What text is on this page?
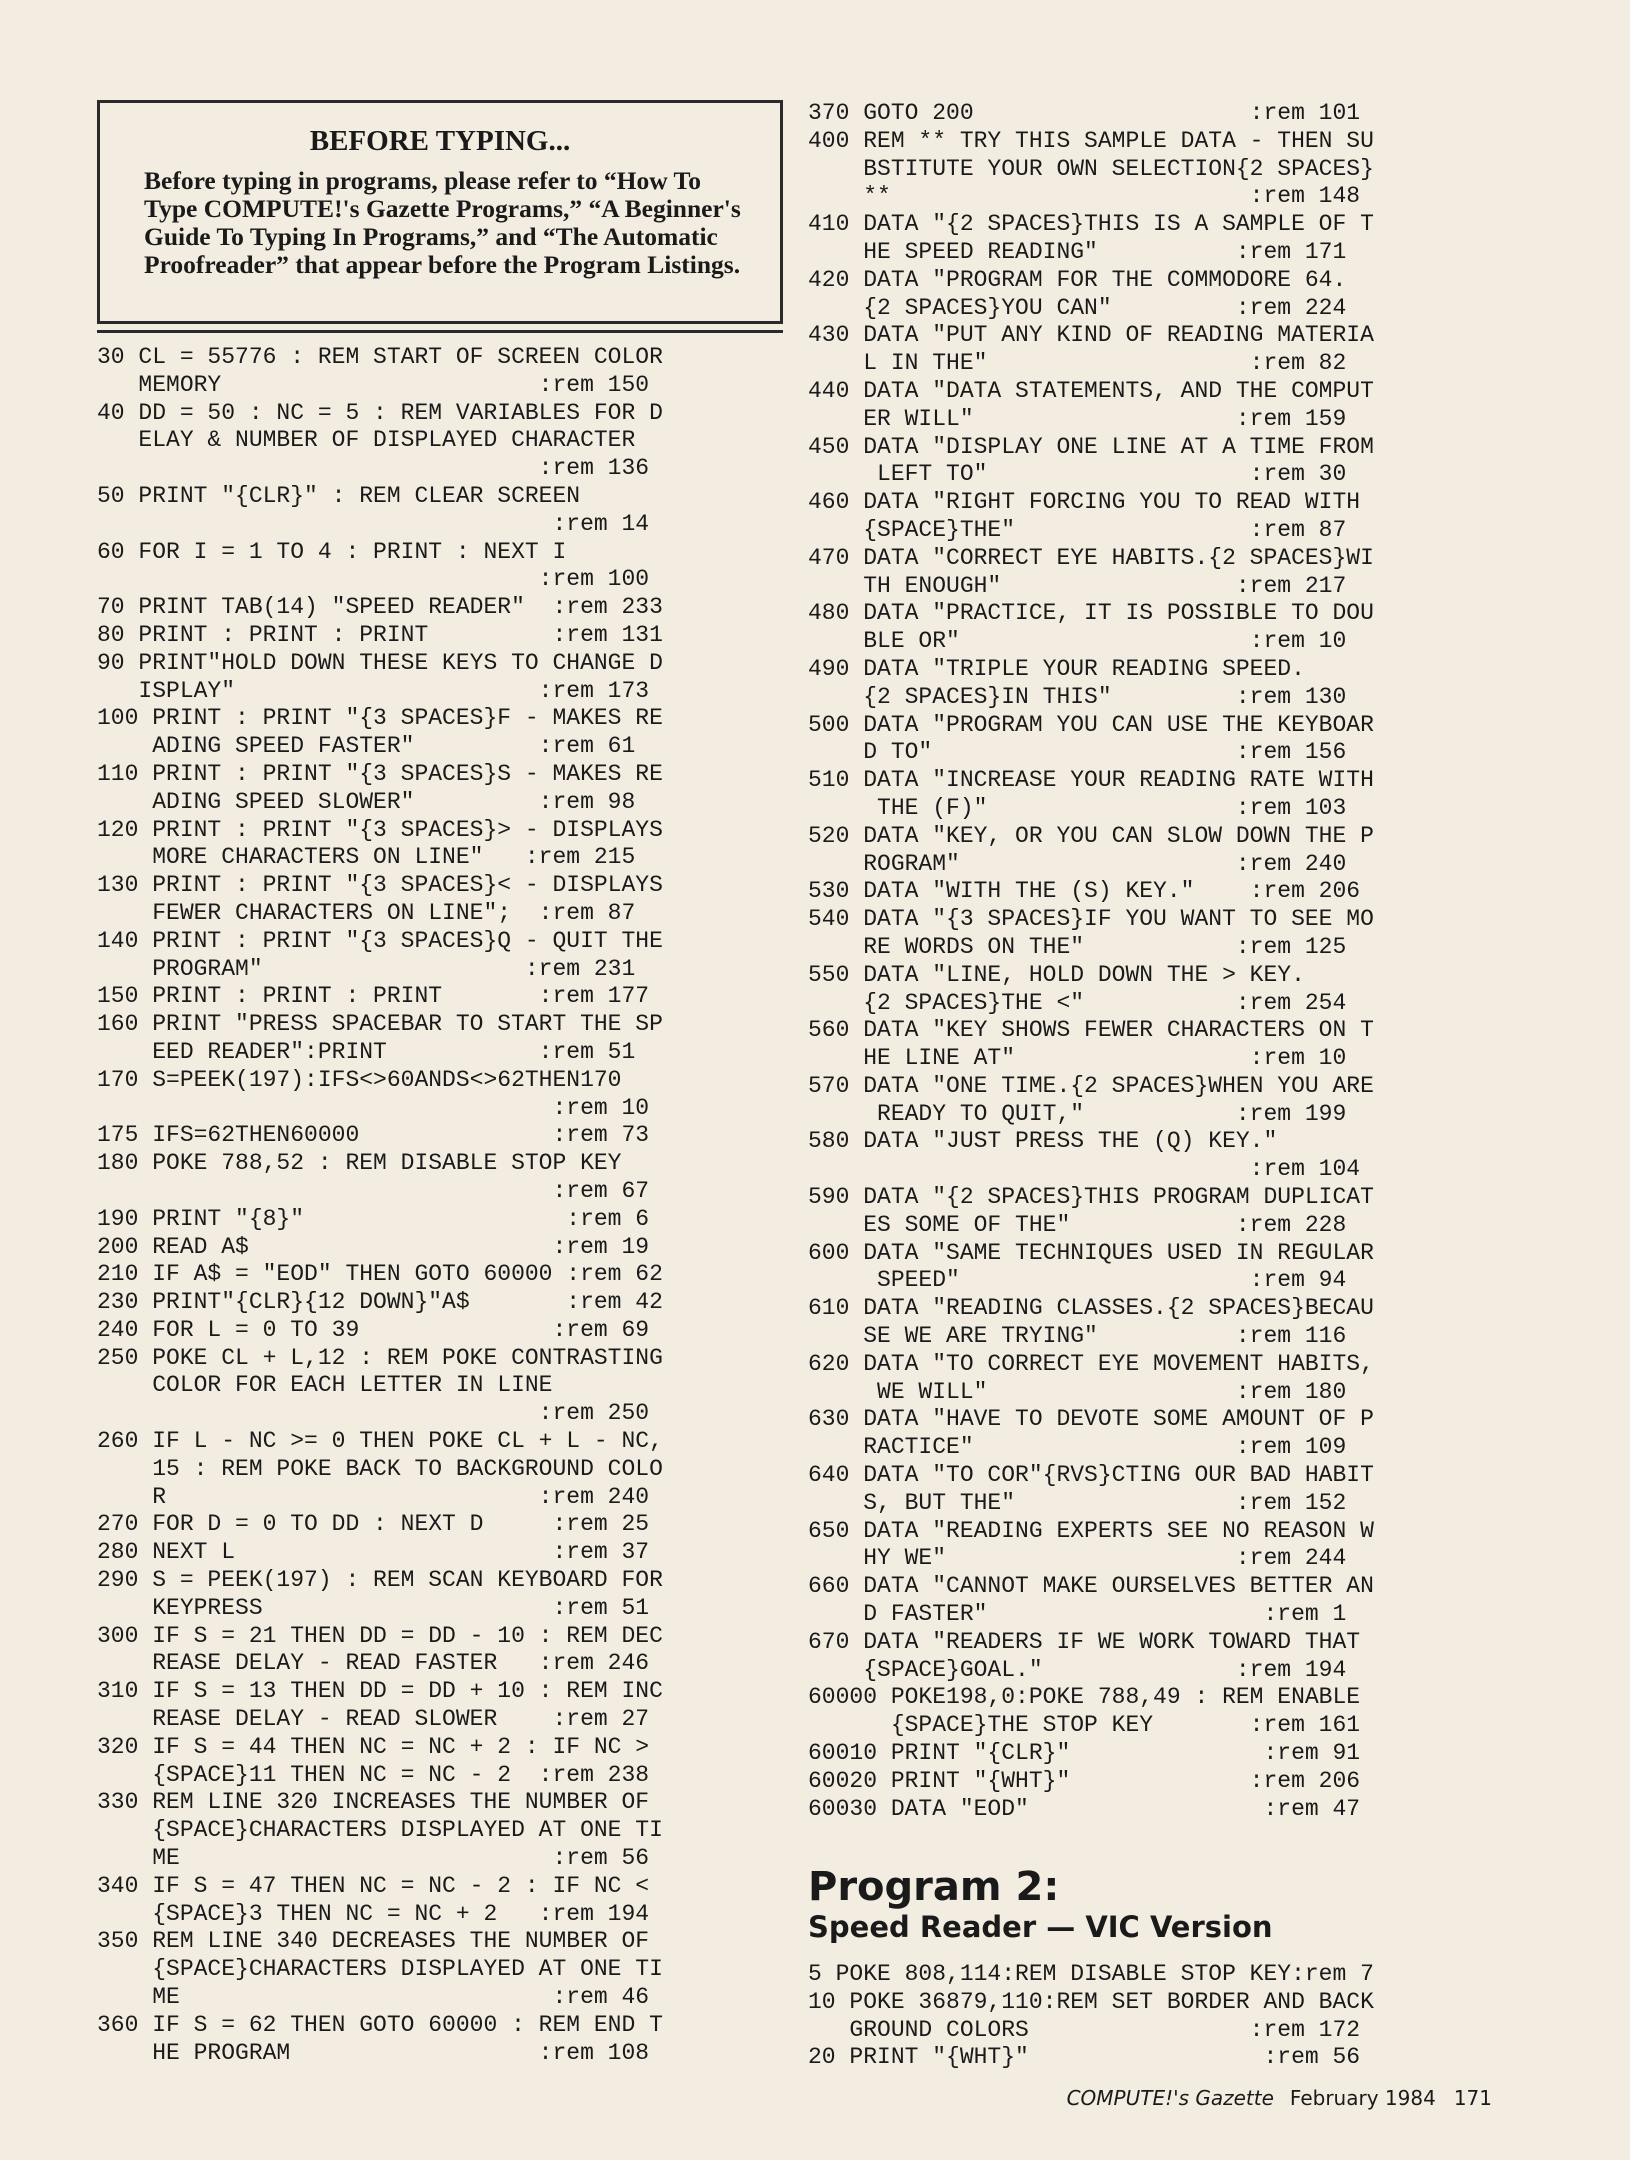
BEFORE TYPING...
Before typing in programs, please refer to “How To Type COMPUTE!'s Gazette Programs,” “A Beginner's Guide To Typing In Programs,” and “The Automatic Proofreader” that appear before the Program Listings.
30 CL = 55776 : REM START OF SCREEN COLOR
MEMORY                       :rem 150
40 DD = 50 : NC = 5 : REM VARIABLES FOR D
ELAY & NUMBER OF DISPLAYED CHARACTER
:rem 136
50 PRINT "{CLR}" : REM CLEAR SCREEN
:rem 14
60 FOR I = 1 TO 4 : PRINT : NEXT I
:rem 100
70 PRINT TAB(14) "SPEED READER"  :rem 233
80 PRINT : PRINT : PRINT         :rem 131
90 PRINT"HOLD DOWN THESE KEYS TO CHANGE D
ISPLAY"                      :rem 173
100 PRINT : PRINT "{3 SPACES}F - MAKES RE
ADING SPEED FASTER"         :rem 61
110 PRINT : PRINT "{3 SPACES}S - MAKES RE
ADING SPEED SLOWER"         :rem 98
120 PRINT : PRINT "{3 SPACES}> - DISPLAYS
MORE CHARACTERS ON LINE"   :rem 215
130 PRINT : PRINT "{3 SPACES}< - DISPLAYS
FEWER CHARACTERS ON LINE";  :rem 87
140 PRINT : PRINT "{3 SPACES}Q - QUIT THE
PROGRAM"                   :rem 231
150 PRINT : PRINT : PRINT       :rem 177
160 PRINT "PRESS SPACEBAR TO START THE SP
EED READER":PRINT           :rem 51
170 S=PEEK(197):IFS<>60ANDS<>62THEN170
:rem 10
175 IFS=62THEN60000              :rem 73
180 POKE 788,52 : REM DISABLE STOP KEY
:rem 67
190 PRINT "{8}"                   :rem 6
200 READ A$                      :rem 19
210 IF A$ = "EOD" THEN GOTO 60000 :rem 62
230 PRINT"{CLR}{12 DOWN}"A$       :rem 42
240 FOR L = 0 TO 39              :rem 69
250 POKE CL + L,12 : REM POKE CONTRASTING
COLOR FOR EACH LETTER IN LINE
:rem 250
260 IF L - NC >= 0 THEN POKE CL + L - NC,
15 : REM POKE BACK TO BACKGROUND COLO
R                           :rem 240
270 FOR D = 0 TO DD : NEXT D     :rem 25
280 NEXT L                       :rem 37
290 S = PEEK(197) : REM SCAN KEYBOARD FOR
KEYPRESS                     :rem 51
300 IF S = 21 THEN DD = DD - 10 : REM DEC
REASE DELAY - READ FASTER   :rem 246
310 IF S = 13 THEN DD = DD + 10 : REM INC
REASE DELAY - READ SLOWER    :rem 27
320 IF S = 44 THEN NC = NC + 2 : IF NC >
{SPACE}11 THEN NC = NC - 2  :rem 238
330 REM LINE 320 INCREASES THE NUMBER OF
{SPACE}CHARACTERS DISPLAYED AT ONE TI
ME                           :rem 56
340 IF S = 47 THEN NC = NC - 2 : IF NC <
{SPACE}3 THEN NC = NC + 2   :rem 194
350 REM LINE 340 DECREASES THE NUMBER OF
{SPACE}CHARACTERS DISPLAYED AT ONE TI
ME                           :rem 46
360 IF S = 62 THEN GOTO 60000 : REM END T
HE PROGRAM                  :rem 108
370 GOTO 200                    :rem 101
400 REM ** TRY THIS SAMPLE DATA - THEN SU
BSTITUTE YOUR OWN SELECTION{2 SPACES}
**                          :rem 148
410 DATA "{2 SPACES}THIS IS A SAMPLE OF T
HE SPEED READING"          :rem 171
420 DATA "PROGRAM FOR THE COMMODORE 64.
{2 SPACES}YOU CAN"         :rem 224
430 DATA "PUT ANY KIND OF READING MATERIA
L IN THE"                   :rem 82
440 DATA "DATA STATEMENTS, AND THE COMPUT
ER WILL"                   :rem 159
450 DATA "DISPLAY ONE LINE AT A TIME FROM
LEFT TO"                   :rem 30
460 DATA "RIGHT FORCING YOU TO READ WITH
{SPACE}THE"                 :rem 87
470 DATA "CORRECT EYE HABITS.{2 SPACES}WI
TH ENOUGH"                 :rem 217
480 DATA "PRACTICE, IT IS POSSIBLE TO DOU
BLE OR"                     :rem 10
490 DATA "TRIPLE YOUR READING SPEED.
{2 SPACES}IN THIS"         :rem 130
500 DATA "PROGRAM YOU CAN USE THE KEYBOAR
D TO"                      :rem 156
510 DATA "INCREASE YOUR READING RATE WITH
THE (F)"                  :rem 103
520 DATA "KEY, OR YOU CAN SLOW DOWN THE P
ROGRAM"                    :rem 240
530 DATA "WITH THE (S) KEY."    :rem 206
540 DATA "{3 SPACES}IF YOU WANT TO SEE MO
RE WORDS ON THE"           :rem 125
550 DATA "LINE, HOLD DOWN THE > KEY.
{2 SPACES}THE <"           :rem 254
560 DATA "KEY SHOWS FEWER CHARACTERS ON T
HE LINE AT"                 :rem 10
570 DATA "ONE TIME.{2 SPACES}WHEN YOU ARE
READY TO QUIT,"           :rem 199
580 DATA "JUST PRESS THE (Q) KEY."
:rem 104
590 DATA "{2 SPACES}THIS PROGRAM DUPLICAT
ES SOME OF THE"            :rem 228
600 DATA "SAME TECHNIQUES USED IN REGULAR
SPEED"                     :rem 94
610 DATA "READING CLASSES.{2 SPACES}BECAU
SE WE ARE TRYING"          :rem 116
620 DATA "TO CORRECT EYE MOVEMENT HABITS,
WE WILL"                  :rem 180
630 DATA "HAVE TO DEVOTE SOME AMOUNT OF P
RACTICE"                   :rem 109
640 DATA "TO COR"{RVS}CTING OUR BAD HABIT
S, BUT THE"                :rem 152
650 DATA "READING EXPERTS SEE NO REASON W
HY WE"                     :rem 244
660 DATA "CANNOT MAKE OURSELVES BETTER AN
D FASTER"                    :rem 1
670 DATA "READERS IF WE WORK TOWARD THAT
{SPACE}GOAL."              :rem 194
60000 POKE198,0:POKE 788,49 : REM ENABLE
{SPACE}THE STOP KEY       :rem 161
60010 PRINT "{CLR}"              :rem 91
60020 PRINT "{WHT}"             :rem 206
60030 DATA "EOD"                 :rem 47
Program 2:
Speed Reader — VIC Version
5 POKE 808,114:REM DISABLE STOP KEY:rem 7
10 POKE 36879,110:REM SET BORDER AND BACK
GROUND COLORS                :rem 172
20 PRINT "{WHT}"                 :rem 56
COMPUTE!'s Gazette February 1984 171
